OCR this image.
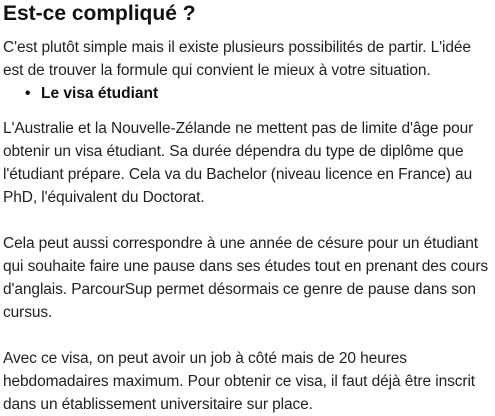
Est-ce compliqué ?

C'est plutôt simple mais il existe plusieurs possibilités de partir. L'idée est de trouver la formule qui convient le mieux à votre situation.

• Le visa étudiant

L'Australie et la Nouvelle-Zélande ne mettent pas de limite d'âge pour obtenir un visa étudiant. Sa durée dépendra du type de diplôme que l'étudiant prépare. Cela va du Bachelor (niveau licence en France) au PhD, l'équivalent du Doctorat.

Cela peut aussi correspondre à une année de césure pour un étudiant qui souhaite faire une pause dans ses études tout en prenant des cours d'anglais. ParcourSup permet désormais ce genre de pause dans son cursus.

Avec ce visa, on peut avoir un job à côté mais de 20 heures hebdomadaires maximum. Pour obtenir ce visa, il faut déjà être inscrit dans un établissement universitaire sur place.
